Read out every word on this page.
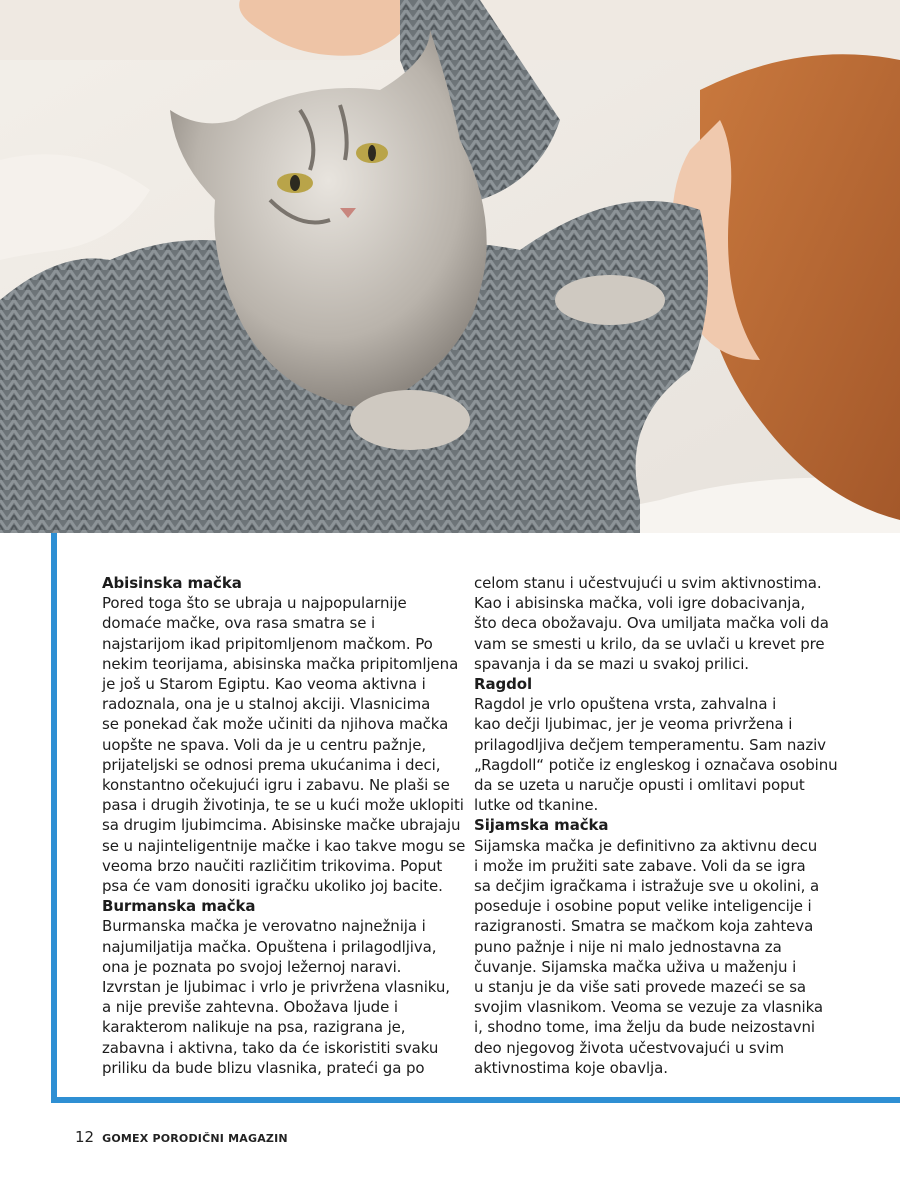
Abisinska mačka
Pored toga što se ubraja u najpopularnije
domaće mačke, ova rasa smatra se i
najstarijom ikad pripitomljenom mačkom. Po
nekim teorijama, abisinska mačka pripitomljena
je još u Starom Egiptu. Kao veoma aktivna i
radoznala, ona je u stalnoj akciji. Vlasnicima
se ponekad čak može učiniti da njihova mačka
uopšte ne spava. Voli da je u centru pažnje,
prijateljski se odnosi prema ukućanima i deci,
konstantno očekujući igru i zabavu. Ne plaši se
pasa i drugih životinja, te se u kući može uklopiti
sa drugim ljubimcima. Abisinske mačke ubrajaju
se u najinteligentnije mačke i kao takve mogu se
veoma brzo naučiti različitim trikovima. Poput
psa će vam donositi igračku ukoliko joj bacite.
Burmanska mačka
Burmanska mačka je verovatno najnežnija i
najumiljatija mačka. Opuštena i prilagodljiva,
ona je poznata po svojoj ležernoj naravi.
Izvrstan je ljubimac i vrlo je privržena vlasniku,
a nije previše zahtevna. Obožava ljude i
karakterom nalikuje na psa, razigrana je,
zabavna i aktivna, tako da će iskoristiti svaku
priliku da bude blizu vlasnika, prateći ga po
celom stanu i učestvujući u svim aktivnostima.
Kao i abisinska mačka, voli igre dobacivanja,
što deca obožavaju. Ova umiljata mačka voli da
vam se smesti u krilo, da se uvlači u krevet pre
spavanja i da se mazi u svakoj prilici.
Ragdol
Ragdol je vrlo opuštena vrsta, zahvalna i
kao dečji ljubimac, jer je veoma privržena i
prilagodljiva dečjem temperamentu. Sam naziv
„Ragdoll“ potiče iz engleskog i označava osobinu
da se uzeta u naručje opusti i omlitavi poput
lutke od tkanine.
Sijamska mačka
Sijamska mačka je definitivno za aktivnu decu
i može im pružiti sate zabave. Voli da se igra
sa dečjim igračkama i istražuje sve u okolini, a
poseduje i osobine poput velike inteligencije i
razigranosti. Smatra se mačkom koja zahteva
puno pažnje i nije ni malo jednostavna za
čuvanje. Sijamska mačka uživa u maženju i
u stanju je da više sati provede mazeći se sa
svojim vlasnikom. Veoma se vezuje za vlasnika
i, shodno tome, ima želju da bude neizostavni
deo njegovog života učestvovajući u svim
aktivnostima koje obavlja.
12 GOMEX PORODIČNI MAGAZIN
